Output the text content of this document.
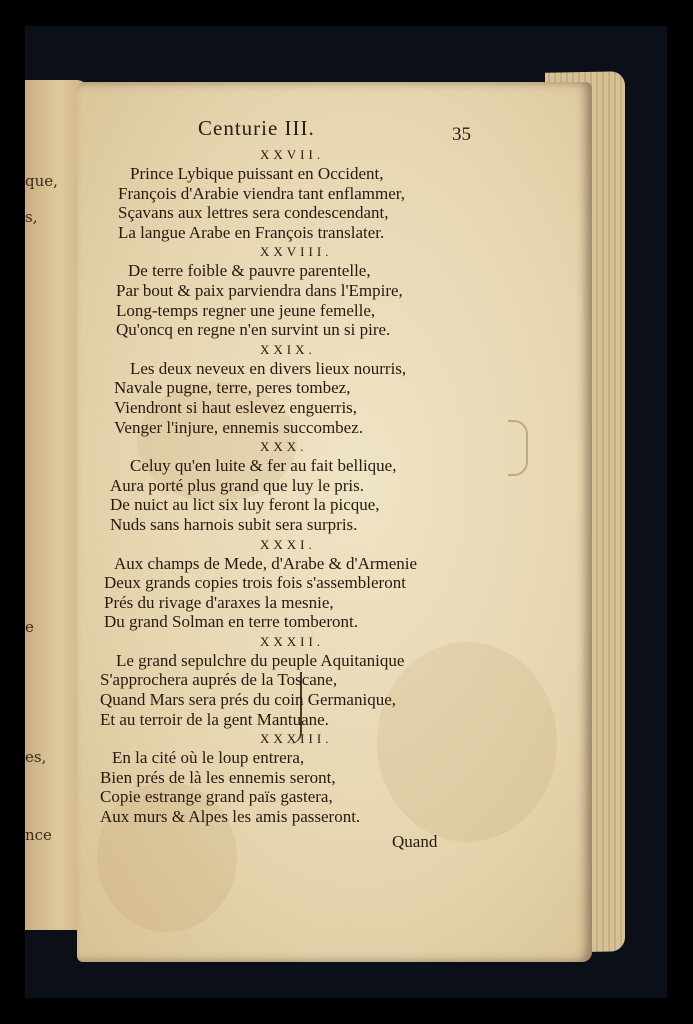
que,
s,
e
es,
nce
Centurie III.	35
XXVII.
Prince Lybique puissant en Occident,
François d'Arabie viendra tant enflammer,
Sçavans aux lettres sera condescendant,
La langue Arabe en François translater.
XXVIII.
De terre foible & pauvre parentelle,
Par bout & paix parviendra dans l'Empire,
Long-temps regner une jeune femelle,
Qu'oncq en regne n'en survint un si pire.
XXIX.
Les deux neveux en divers lieux nourris,
Navale pugne, terre, peres tombez,
Viendront si haut eslevez enguerris,
Venger l'injure, ennemis succombez.
XXX.
Celuy qu'en luite & fer au fait bellique,
Aura porté plus grand que luy le pris.
De nuict au lict six luy feront la picque,
Nuds sans harnois subit sera surpris.
XXXI.
Aux champs de Mede, d'Arabe & d'Armenie
Deux grands copies trois fois s'assembleront
Prés du rivage d'araxes la mesnie,
Du grand Solman en terre tomberont.
XXXII.
Le grand sepulchre du peuple Aquitanique
S'approchera auprés de la Toscane,
Quand Mars sera prés du coin Germanique,
Et au terroir de la gent Mantuane.
XXXIII.
En la cité où le loup entrera,
Bien prés de là les ennemis seront,
Copie estrange grand païs gastera,
Aux murs & Alpes les amis passeront.
Quand
